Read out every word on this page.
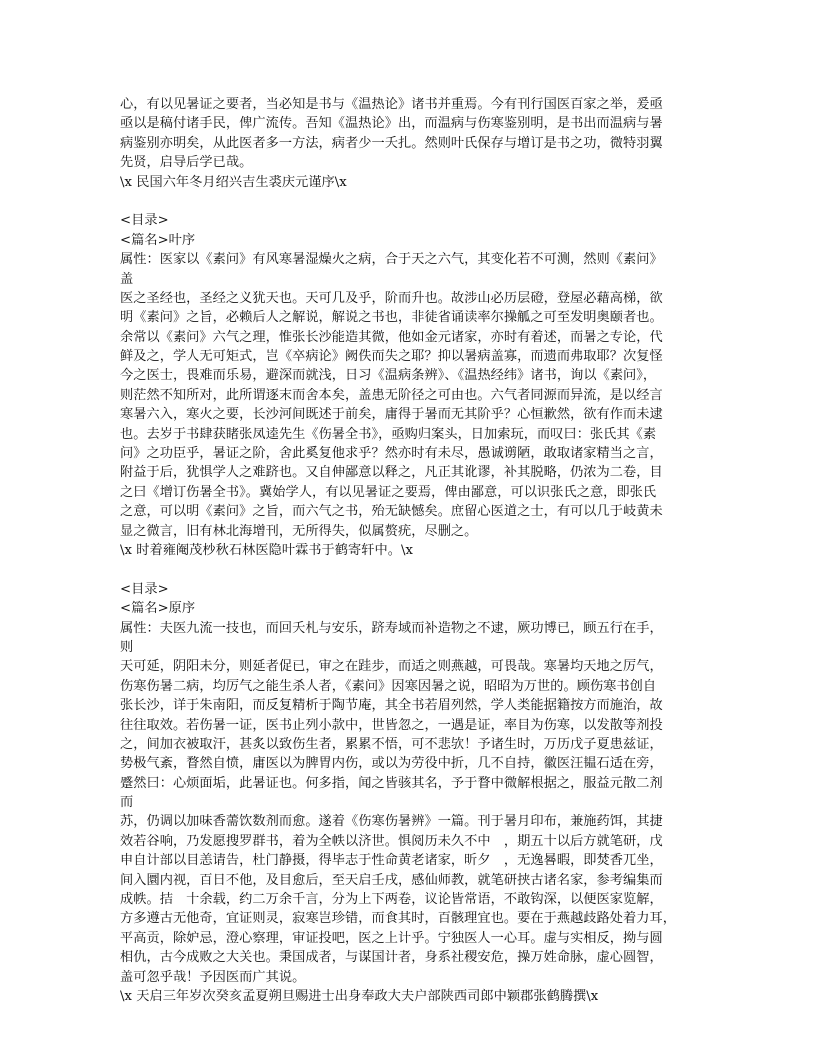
心，有以见暑证之要者，当必知是书与《温热论》诸书并重焉。今有刊行国医百家之举，爰亟
亟以是稿付诸手民，俾广流传。吾知《温热论》出，而温病与伤寒鉴别明，是书出而温病与暑
病鉴别亦明矣，从此医者多一方法，病者少一夭扎。然则叶氏保存与增订是书之功，微特羽翼
先贤，启导后学已哉。
\x 民国六年冬月绍兴吉生裘庆元谨序\x
<目录>
<篇名>叶序
属性：医家以《素问》有风寒暑湿燥火之病，合于天之六气，其变化若不可测，然则《素问》
盖
医之圣经也，圣经之义犹天也。天可几及乎，阶而升也。故涉山必历层磴，登屋必藉高梯，欲
明《素问》之旨，必赖后人之解说，解说之书也，非徒省诵读率尔操觚之可至发明奥颐者也。
余常以《素问》六气之理，惟张长沙能造其微，他如金元诸家，亦时有着述，而暑之专论，代
鲜及之，学人无可矩式，岂《卒病论》阙佚而失之耶？抑以暑病盖寡，而遗而弗取耶？次复怪
今之医士，畏难而乐易，避深而就浅，日习《温病条辨》、《温热经纬》诸书，询以《素问》，
则茫然不知所对，此所谓逐末而舍本矣，盖患无阶径之可由也。六气者同源而异流，是以经言
寒暑六入，寒火之要，长沙河间既述于前矣，庸得于暑而无其阶乎？心恒歉然，欲有作而未逮
也。去岁于书肆获睹张凤逵先生《伤暑全书》，亟购归案头，日加索玩，而叹曰：张氏其《素
问》之功臣乎，暑证之阶，舍此奚复他求乎？然亦时有未尽，愚诚谫陋，敢取诸家精当之言，
附益于后，犹惧学人之难跻也。又自伸鄙意以释之，凡正其讹谬，补其脱略，仍浓为二卷，目
之曰《增订伤暑全书》。冀始学人，有以见暑证之要焉，俾由鄙意，可以识张氏之意，即张氏
之意，可以明《素问》之旨，而六气之书，殆无缺憾矣。庶留心医道之士，有可以几于岐黄未
显之微言，旧有林北海增刊，无所得失，似属赘疣，尽删之。
\x 时着雍阉茂杪秋石林医隐叶霖书于鹤寄轩中。\x
<目录>
<篇名>原序
属性：夫医九流一技也，而回夭札与安乐，跻寿域而补造物之不逮，厥功博已，顾五行在手，
则
天可延，阴阳未分，则延者促已，审之在跬步，而适之则燕越，可畏哉。寒暑均天地之厉气，
伤寒伤暑二病，均厉气之能生杀人者，《素问》因寒因暑之说，昭昭为万世的。顾伤寒书创自
张长沙，详于朱南阳，而反复精析于陶节庵，其全书若眉列然，学人类能据籍按方而施治，故
往往取效。若伤暑一证，医书止列小款中，世皆忽之，一遇是证，率目为伤寒，以发散等剂投
之，间加衣被取汗，甚炙以致伤生者，累累不悟，可不悲欤！予诸生时，万历戊子夏患兹证，
势极气紊，瞀然自愤，庸医以为脾胃内伤，或以为劳役中折，几不自持，徽医汪韫石适在旁，
蹙然曰：心烦面垢，此暑证也。何多指，闻之皆骇其名，予于瞀中微解根据之，服益元散二剂
而
苏，仍调以加味香薷饮数剂而愈。遂着《伤寒伤暑辨》一篇。刊于暑月印布，兼施药饵，其捷
效若谷响，乃发愿搜罗群书，着为全帙以济世。惧阅历未久不中　，期五十以后方就笔研，戊
申自计部以目恙请告，杜门静摄，得毕志于性命黄老诸家，昕夕　，无逸晷暇，即焚香兀坐，
间入圜内视，百日不他，及目愈后，至天启壬戌，感仙师教，就笔研挟古诸名家，参考编集而
成帙。拮　十余载，约二万余千言，分为上下两卷，议论皆常语，不敢钩深，以便医家览解，
方多遵古无他奇，宜证则灵，寂寒岂珍错，而食其时，百骸理宜也。要在于燕越歧路处着力耳，
平高贡，除妒忌，澄心察理，审证投吧，医之上计乎。宁独医人一心耳。虚与实相反，拗与圆
相仇，古今成败之大关也。秉国成者，与谋国计者，身系社稷安危，操万姓命脉，虚心圆智，
盖可忽乎哉！予因医而广其说。
\x 天启三年岁次癸亥孟夏朔旦赐进士出身奉政大夫户部陕西司郎中颖郡张鹤腾撰\x
